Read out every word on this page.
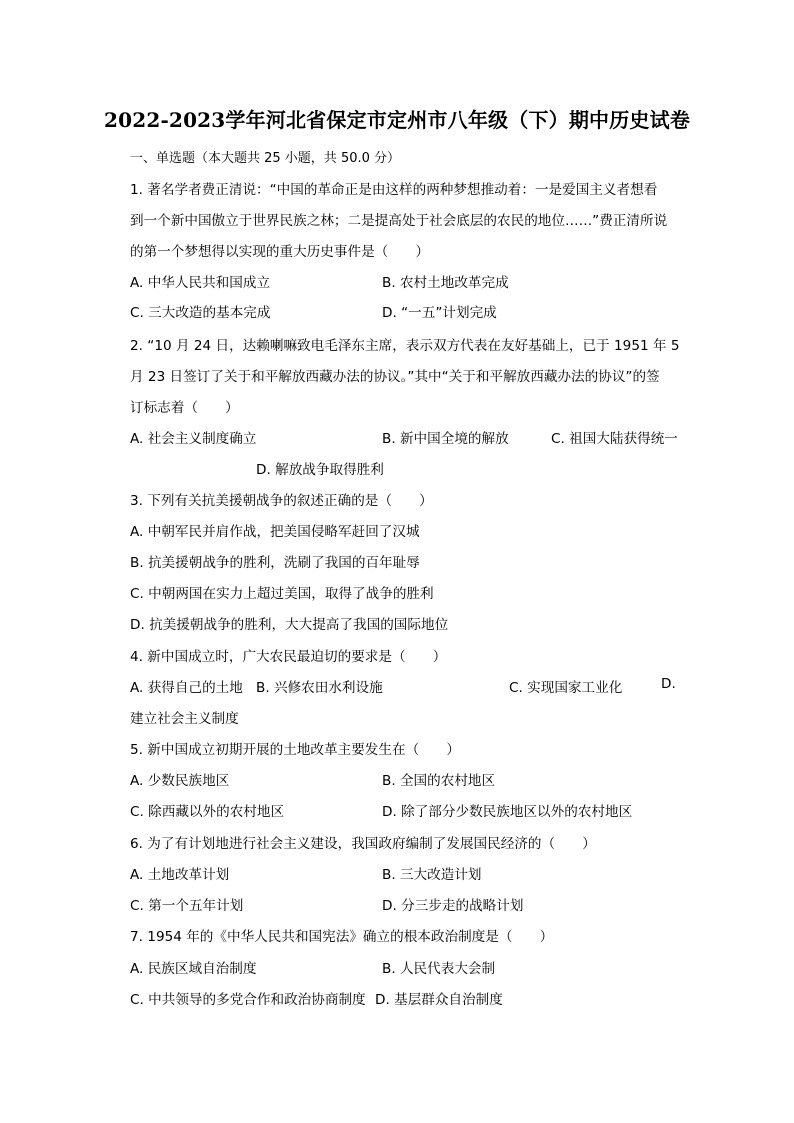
2022-2023学年河北省保定市定州市八年级（下）期中历史试卷
一、单选题（本大题共 25 小题，共 50.0 分）
1. 著名学者费正清说：“中国的革命正是由这样的两种梦想推动着：一是爱国主义者想看
到一个新中国傲立于世界民族之林；二是提高处于社会底层的农民的地位……”费正清所说
的第一个梦想得以实现的重大历史事件是（　　）
A. 中华人民共和国成立	B. 农村土地改革完成
C. 三大改造的基本完成	D. “一五”计划完成
2. “10 月 24 日，达赖喇嘛致电毛泽东主席，表示双方代表在友好基础上，已于 1951 年 5
月 23 日签订了关于和平解放西藏办法的协议。”其中“关于和平解放西藏办法的协议”的签
订标志着（　　）
A. 社会主义制度确立	B. 新中国全境的解放	C. 祖国大陆获得统一
D. 解放战争取得胜利
3. 下列有关抗美援朝战争的叙述正确的是（　　）
A. 中朝军民并肩作战，把美国侵略军赶回了汉城
B. 抗美援朝战争的胜利，洗刷了我国的百年耻辱
C. 中朝两国在实力上超过美国，取得了战争的胜利
D. 抗美援朝战争的胜利，大大提高了我国的国际地位
4. 新中国成立时，广大农民最迫切的要求是（　　）
A. 获得自己的土地 B. 兴修农田水利设施	C. 实现国家工业化	D.
建立社会主义制度
5. 新中国成立初期开展的土地改革主要发生在（　　）
A. 少数民族地区	B. 全国的农村地区
C. 除西藏以外的农村地区	D. 除了部分少数民族地区以外的农村地区
6. 为了有计划地进行社会主义建设，我国政府编制了发展国民经济的（　　）
A. 土地改革计划	B. 三大改造计划
C. 第一个五年计划	D. 分三步走的战略计划
7. 1954 年的《中华人民共和国宪法》确立的根本政治制度是（　　）
A. 民族区域自治制度	B. 人民代表大会制
C. 中共领导的多党合作和政治协商制度 D. 基层群众自治制度
